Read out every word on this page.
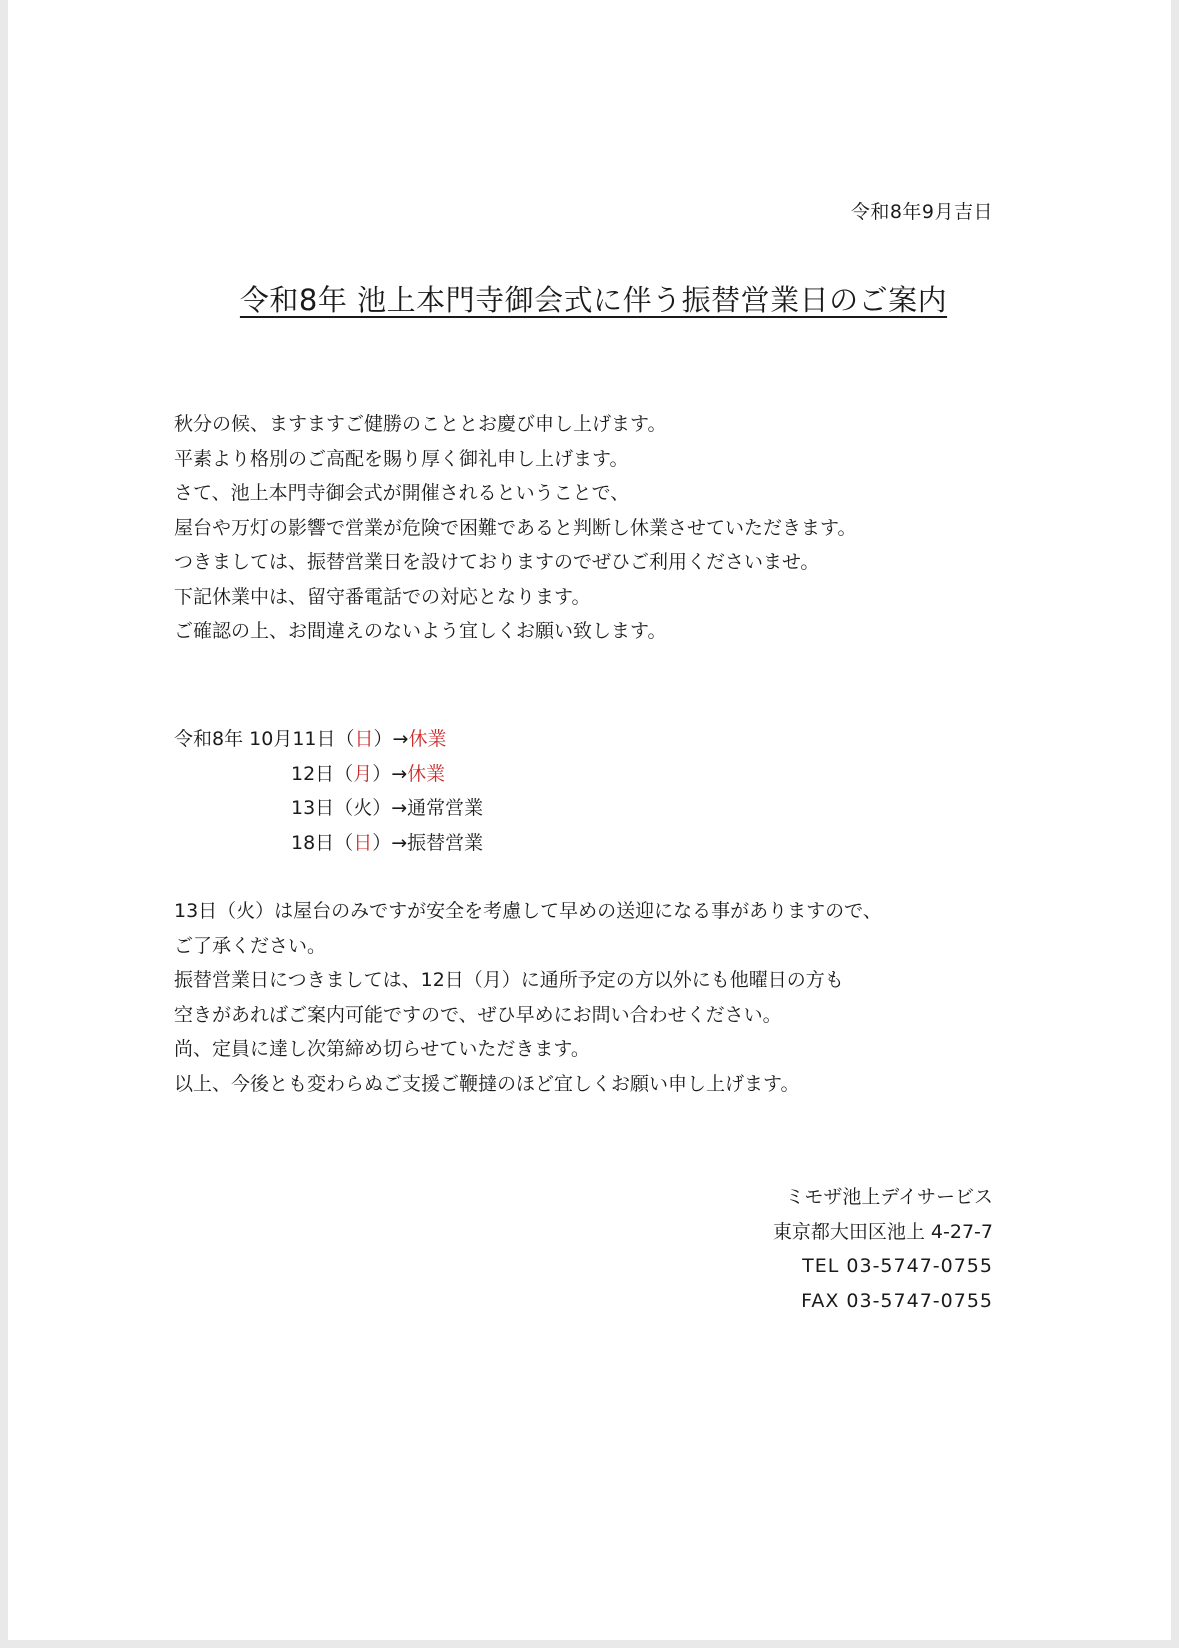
令和8年9月吉日
令和8年 池上本門寺御会式に伴う振替営業日のご案内
秋分の候、ますますご健勝のこととお慶び申し上げます。
平素より格別のご高配を賜り厚く御礼申し上げます。
さて、池上本門寺御会式が開催されるということで、
屋台や万灯の影響で営業が危険で困難であると判断し休業させていただきます。
つきましては、振替営業日を設けておりますのでぜひご利用くださいませ。
下記休業中は、留守番電話での対応となります。
ご確認の上、お間違えのないよう宜しくお願い致します。
令和8年 10月11日（日）→休業
12日（月）→休業
13日（火）→通常営業
18日（日）→振替営業
13日（火）は屋台のみですが安全を考慮して早めの送迎になる事がありますので、
ご了承ください。
振替営業日につきましては、12日（月）に通所予定の方以外にも他曜日の方も
空きがあればご案内可能ですので、ぜひ早めにお問い合わせください。
尚、定員に達し次第締め切らせていただきます。
以上、今後とも変わらぬご支援ご鞭撻のほど宜しくお願い申し上げます。
ミモザ池上デイサービス
東京都大田区池上 4-27-7
TEL 03-5747-0755
FAX 03-5747-0755
